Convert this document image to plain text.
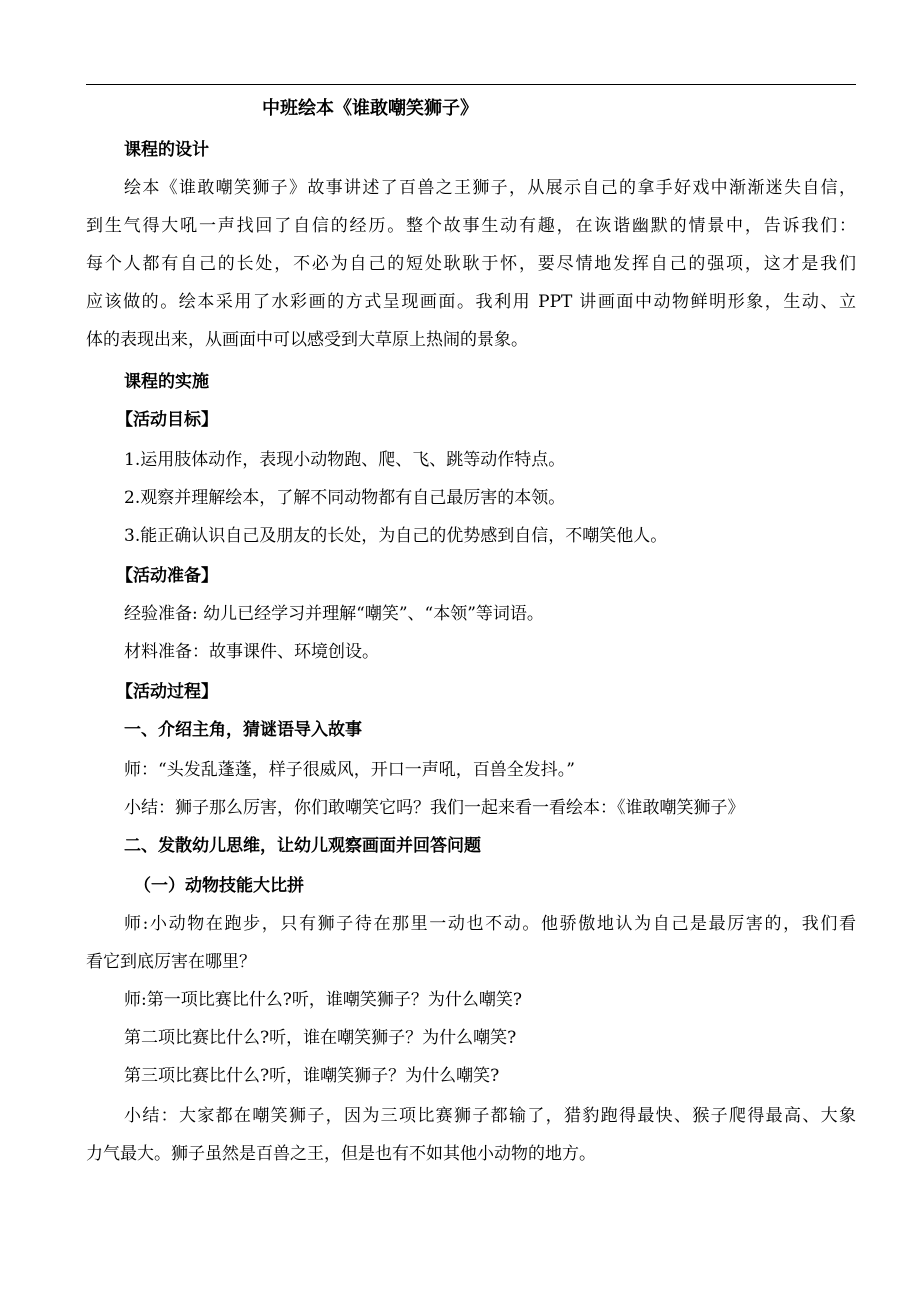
中班绘本《谁敢嘲笑狮子》
课程的设计
绘本《谁敢嘲笑狮子》故事讲述了百兽之王狮子，从展示自己的拿手好戏中渐渐迷失自信，
到生气得大吼一声找回了自信的经历。整个故事生动有趣，在诙谐幽默的情景中，告诉我们：
每个人都有自己的长处，不必为自己的短处耿耿于怀，要尽情地发挥自己的强项，这才是我们
应该做的。绘本采用了水彩画的方式呈现画面。我利用 PPT 讲画面中动物鲜明形象，生动、立
体的表现出来，从画面中可以感受到大草原上热闹的景象。
课程的实施
【活动目标】
1.运用肢体动作，表现小动物跑、爬、飞、跳等动作特点。
2.观察并理解绘本，了解不同动物都有自己最厉害的本领。
3.能正确认识自己及朋友的长处，为自己的优势感到自信，不嘲笑他人。
【活动准备】
经验准备: 幼儿已经学习并理解“嘲笑”、“本领”等词语。
材料准备：故事课件、环境创设。
【活动过程】
一、介绍主角，猜谜语导入故事
师：“头发乱蓬蓬，样子很威风，开口一声吼，百兽全发抖。”
小结：狮子那么厉害，你们敢嘲笑它吗？我们一起来看一看绘本：《谁敢嘲笑狮子》
二、发散幼儿思维，让幼儿观察画面并回答问题
（一）动物技能大比拼
师:小动物在跑步，只有狮子待在那里一动也不动。他骄傲地认为自己是最厉害的，我们看
看它到底厉害在哪里？
师:第一项比赛比什么?听，谁嘲笑狮子？为什么嘲笑?
第二项比赛比什么?听，谁在嘲笑狮子？为什么嘲笑?
第三项比赛比什么?听，谁嘲笑狮子？为什么嘲笑?
小结：大家都在嘲笑狮子，因为三项比赛狮子都输了，猎豹跑得最快、猴子爬得最高、大象
力气最大。狮子虽然是百兽之王，但是也有不如其他小动物的地方。
